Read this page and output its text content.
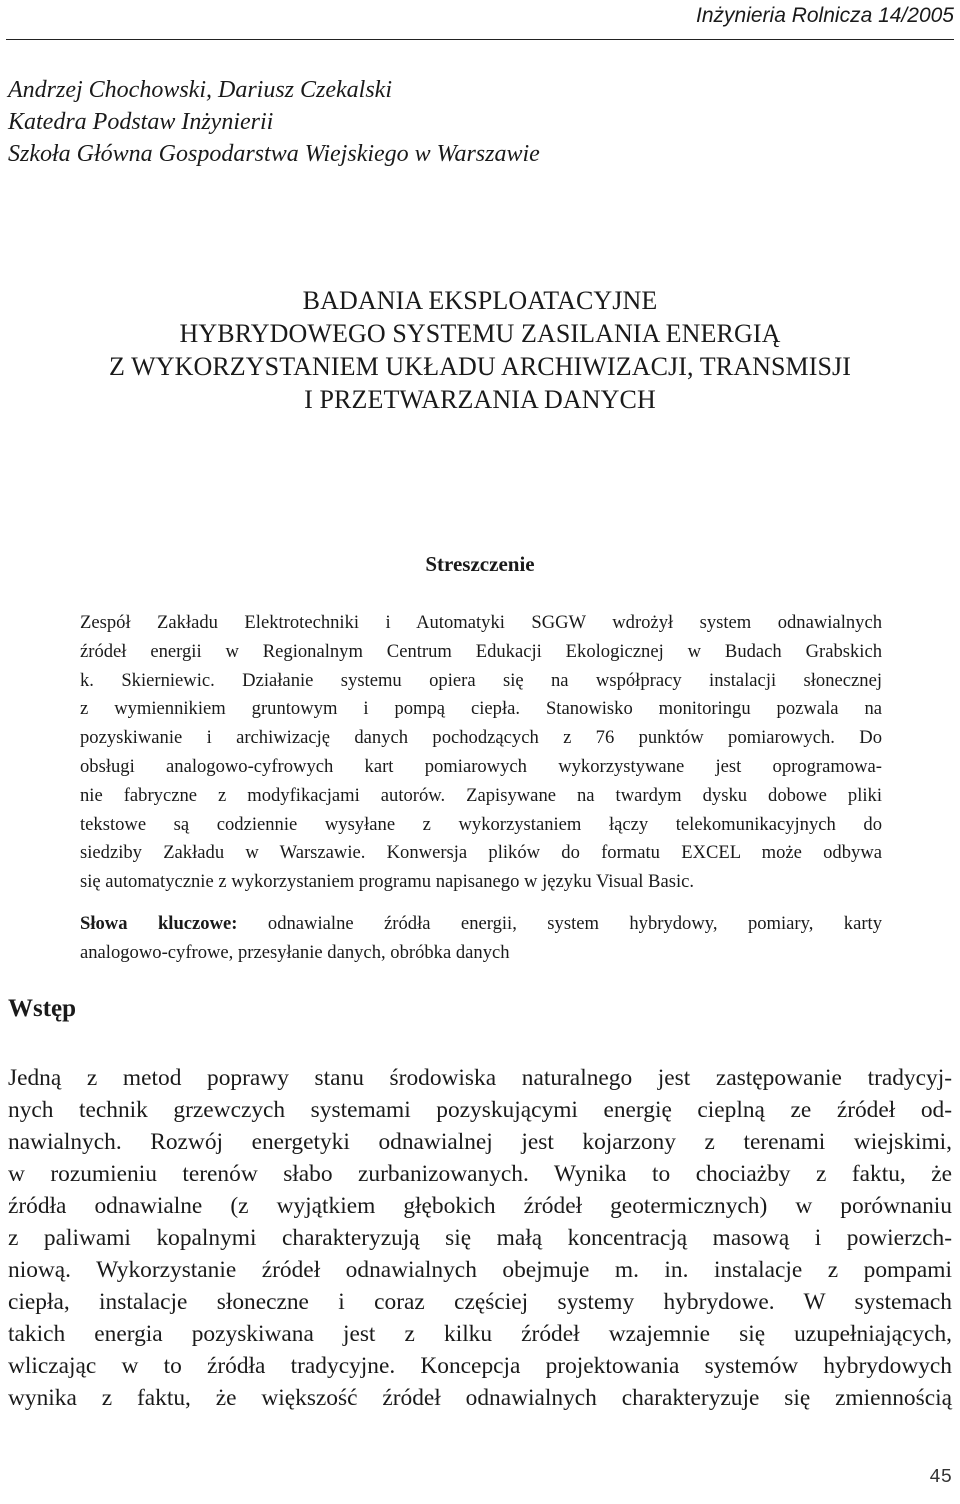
Inżynieria Rolnicza 14/2005
Andrzej Chochowski, Dariusz Czekalski
Katedra Podstaw Inżynierii
Szkoła Główna Gospodarstwa Wiejskiego w Warszawie
BADANIA EKSPLOATACYJNE
HYBRYDOWEGO SYSTEMU ZASILANIA ENERGIĄ
Z WYKORZYSTANIEM UKŁADU ARCHIWIZACJI, TRANSMISJI
I PRZETWARZANIA DANYCH
Streszczenie
Zespół Zakładu Elektrotechniki i Automatyki SGGW wdrożył system odnawialnych
źródeł energii w Regionalnym Centrum Edukacji Ekologicznej w Budach Grabskich
k. Skierniewic. Działanie systemu opiera się na współpracy instalacji słonecznej
z wymiennikiem gruntowym i pompą ciepła. Stanowisko monitoringu pozwala na
pozyskiwanie i archiwizację danych pochodzących z 76 punktów pomiarowych. Do
obsługi analogowo-cyfrowych kart pomiarowych wykorzystywane jest oprogramowa-
nie fabryczne z modyfikacjami autorów. Zapisywane na twardym dysku dobowe pliki
tekstowe są codziennie wysyłane z wykorzystaniem łączy telekomunikacyjnych do
siedziby Zakładu w Warszawie. Konwersja plików do formatu EXCEL może odbywa
się automatycznie z wykorzystaniem programu napisanego w języku Visual Basic.
Słowa kluczowe: odnawialne źródła energii, system hybrydowy, pomiary, karty
analogowo-cyfrowe, przesyłanie danych, obróbka danych
Wstęp
Jedną z metod poprawy stanu środowiska naturalnego jest zastępowanie tradycyj-
nych technik grzewczych systemami pozyskującymi energię cieplną ze źródeł od-
nawialnych. Rozwój energetyki odnawialnej jest kojarzony z terenami wiejskimi,
w rozumieniu terenów słabo zurbanizowanych. Wynika to chociażby z faktu, że
źródła odnawialne (z wyjątkiem głębokich źródeł geotermicznych) w porównaniu
z paliwami kopalnymi charakteryzują się małą koncentracją masową i powierzch-
niową. Wykorzystanie źródeł odnawialnych obejmuje m. in. instalacje z pompami
ciepła, instalacje słoneczne i coraz częściej systemy hybrydowe. W systemach
takich energia pozyskiwana jest z kilku źródeł wzajemnie się uzupełniających,
wliczając w to źródła tradycyjne. Koncepcja projektowania systemów hybrydowych
wynika z faktu, że większość źródeł odnawialnych charakteryzuje się zmiennością
45
